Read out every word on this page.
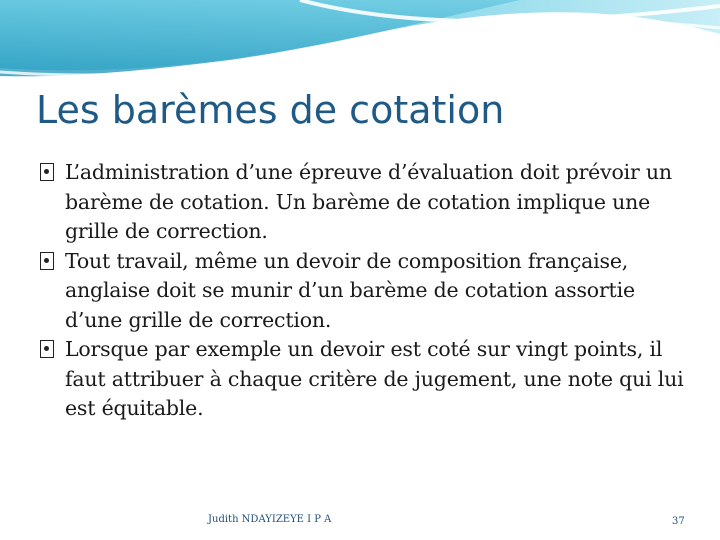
Les barèmes de cotation
L’administration d’une épreuve d’évaluation doit prévoir un barème de cotation. Un barème de cotation implique une grille de correction.
Tout travail, même un devoir de composition française, anglaise doit se munir d’un barème de cotation assortie d’une grille de correction.
Lorsque par exemple un devoir est coté sur vingt points, il faut attribuer à chaque critère de jugement, une note qui lui est équitable.
Judith NDAYIZEYE I P A	37
